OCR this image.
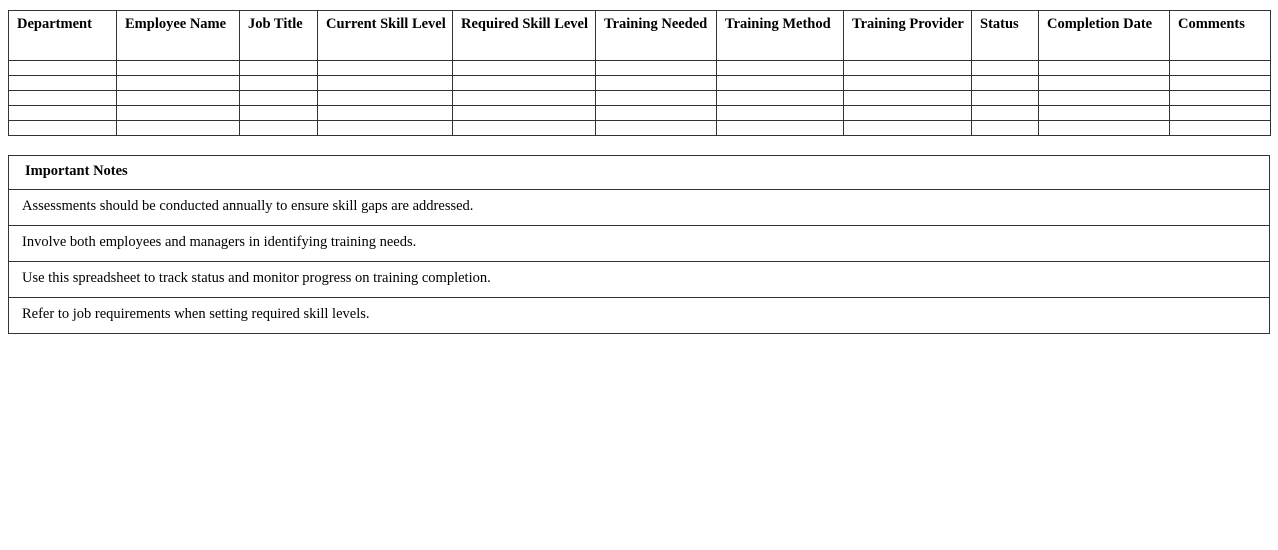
Department	Employee Name	Job Title	Current Skill Level	Required Skill Level	Training Needed	Training Method	Training Provider	Status	Completion Date	Comments

Important Notes
Assessments should be conducted annually to ensure skill gaps are addressed.
Involve both employees and managers in identifying training needs.
Use this spreadsheet to track status and monitor progress on training completion.
Refer to job requirements when setting required skill levels.
